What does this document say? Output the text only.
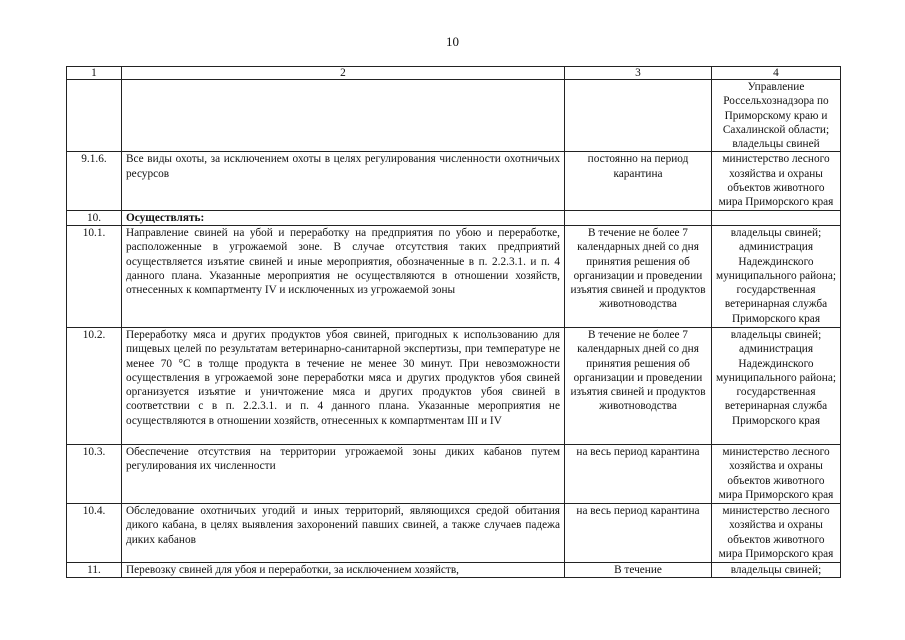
10
1	2	3	4
			Управление Россельхознадзора по Приморскому краю и Сахалинской области; владельцы свиней
9.1.6.	Все виды охоты, за исключением охоты в целях регулирования численности охотничьих ресурсов	постоянно на период карантина	министерство лесного хозяйства и охраны объектов животного мира Приморского края
10.	Осуществлять:		
10.1.	Направление свиней на убой и переработку на предприятия по убою и переработке, расположенные в угрожаемой зоне. В случае отсутствия таких предприятий осуществляется изъятие свиней и иные мероприятия, обозначенные в п. 2.2.3.1. и п. 4 данного плана. Указанные мероприятия не осуществляются в отношении хозяйств, отнесенных к компартменту IV и исключенных из угрожаемой зоны	В течение не более 7 календарных дней со дня принятия решения об организации и проведении изъятия свиней и продуктов животноводства	владельцы свиней; администрация Надеждинского муниципального района; государственная ветеринарная служба Приморского края
10.2.	Переработку мяса и других продуктов убоя свиней, пригодных к использованию для пищевых целей по результатам ветеринарно-санитарной экспертизы, при температуре не менее 70 °С в толще продукта в течение не менее 30 минут. При невозможности осуществления в угрожаемой зоне переработки мяса и других продуктов убоя свиней организуется изъятие и уничтожение мяса и других продуктов убоя свиней в соответствии с в п. 2.2.3.1. и п. 4 данного плана. Указанные мероприятия не осуществляются в отношении хозяйств, отнесенных к компартментам III и IV	В течение не более 7 календарных дней со дня принятия решения об организации и проведении изъятия свиней и продуктов животноводства	владельцы свиней; администрация Надеждинского муниципального района; государственная ветеринарная служба Приморского края
10.3.	Обеспечение отсутствия на территории угрожаемой зоны диких кабанов путем регулирования их численности	на весь период карантина	министерство лесного хозяйства и охраны объектов животного мира Приморского края
10.4.	Обследование охотничьих угодий и иных территорий, являющихся средой обитания дикого кабана, в целях выявления захоронений павших свиней, а также случаев падежа диких кабанов	на весь период карантина	министерство лесного хозяйства и охраны объектов животного мира Приморского края
11.	Перевозку свиней для убоя и переработки, за исключением хозяйств,	В течение	владельцы свиней;
